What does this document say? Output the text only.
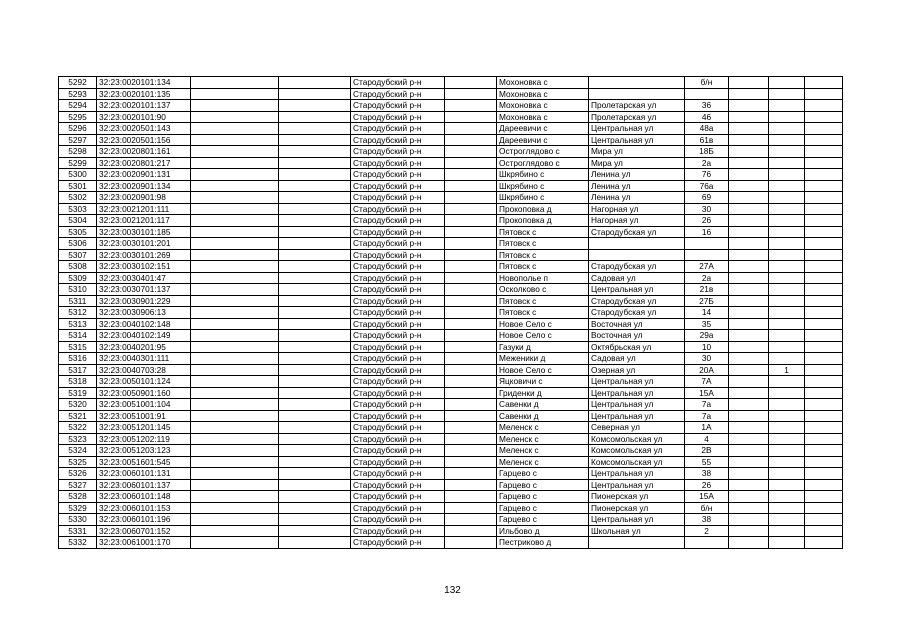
5292	32:23:0020101:134			Стародубский р-н		Мохоновка с		б/н			
5293	32:23:0020101:135			Стародубский р-н		Мохоновка с					
5294	32:23:0020101:137			Стародубский р-н		Мохоновка с	Пролетарская ул	36			
5295	32:23:0020101:90			Стародубский р-н		Мохоновка с	Пролетарская ул	46			
5296	32:23:0020501:143			Стародубский р-н		Дареевичи с	Центральная ул	48а			
5297	32:23:0020501:156			Стародубский р-н		Дареевичи с	Центральная ул	61в			
5298	32:23:0020801:161			Стародубский р-н		Остроглядово с	Мира ул	18Б			
5299	32:23:0020801:217			Стародубский р-н		Остроглядово с	Мира ул	2а			
5300	32:23:0020901:131			Стародубский р-н		Шкрябино с	Ленина ул	76			
5301	32:23:0020901:134			Стародубский р-н		Шкрябино с	Ленина ул	76а			
5302	32:23:0020901:98			Стародубский р-н		Шкрябино с	Ленина ул	69			
5303	32:23:0021201:111			Стародубский р-н		Прокоповка д	Нагорная ул	30			
5304	32:23:0021201:117			Стародубский р-н		Прокоповка д	Нагорная ул	26			
5305	32:23:0030101:185			Стародубский р-н		Пятовск с	Стародубская ул	16			
5306	32:23:0030101:201			Стародубский р-н		Пятовск с					
5307	32:23:0030101:269			Стародубский р-н		Пятовск с					
5308	32:23:0030102:151			Стародубский р-н		Пятовск с	Стародубская ул	27А			
5309	32:23:0030401:47			Стародубский р-н		Новополье п	Садовая ул	2а			
5310	32:23:0030701:137			Стародубский р-н		Осколково с	Центральная ул	21в			
5311	32:23:0030901:229			Стародубский р-н		Пятовск с	Стародубская ул	27Б			
5312	32:23:0030906:13			Стародубский р-н		Пятовск с	Стародубская ул	14			
5313	32:23:0040102:148			Стародубский р-н		Новое Село с	Восточная ул	35			
5314	32:23:0040102:149			Стародубский р-н		Новое Село с	Восточная ул	29а			
5315	32:23:0040201:95			Стародубский р-н		Газуки д	Октябрьская ул	10			
5316	32:23:0040301:111			Стародубский р-н		Меженики д	Садовая ул	30			
5317	32:23:0040703:28			Стародубский р-н		Новое Село с	Озерная ул	20А		1	
5318	32:23:0050101:124			Стародубский р-н		Яцковичи с	Центральная ул	7А			
5319	32:23:0050901:160			Стародубский р-н		Гриденки д	Центральная ул	15А			
5320	32:23:0051001:104			Стародубский р-н		Савенки д	Центральная ул	7а			
5321	32:23:0051001:91			Стародубский р-н		Савенки д	Центральная ул	7а			
5322	32:23:0051201:145			Стародубский р-н		Меленск с	Северная ул	1А			
5323	32:23:0051202:119			Стародубский р-н		Меленск с	Комсомольская ул	4			
5324	32:23:0051203:123			Стародубский р-н		Меленск с	Комсомольская ул	2В			
5325	32:23:0051601:545			Стародубский р-н		Меленск с	Комсомольская ул	55			
5326	32:23:0060101:131			Стародубский р-н		Гарцево с	Центральная ул	38			
5327	32:23:0060101:137			Стародубский р-н		Гарцево с	Центральная ул	26			
5328	32:23:0060101:148			Стародубский р-н		Гарцево с	Пионерская ул	15А			
5329	32:23:0060101:153			Стародубский р-н		Гарцево с	Пионерская ул	б/н			
5330	32:23:0060101:196			Стародубский р-н		Гарцево с	Центральная ул	38			
5331	32:23:0060701:152			Стародубский р-н		Ильбово д	Школьная ул	2			
5332	32:23:0061001:170			Стародубский р-н		Пестриково д					
132
